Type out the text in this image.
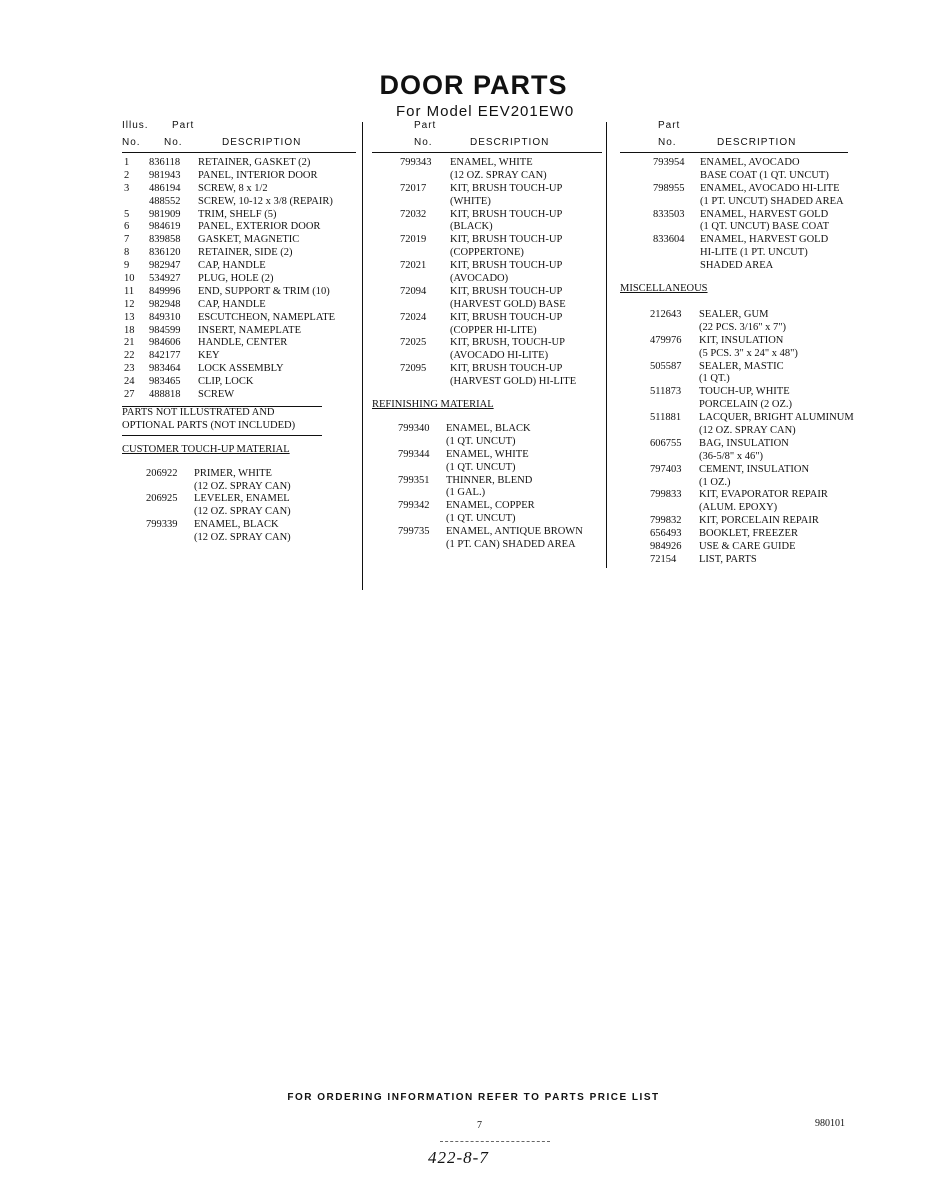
DOOR PARTS
For Model EEV201EW0
Illus. Part
No. No.	DESCRIPTION
1 836118 RETAINER, GASKET (2)
2 981943 PANEL, INTERIOR DOOR
3 486194 SCREW, 8 x 1/2
488552 SCREW, 10-12 x 3/8 (REPAIR)
5 981909 TRIM, SHELF (5)
6 984619 PANEL, EXTERIOR DOOR
7 839858 GASKET, MAGNETIC
8 836120 RETAINER, SIDE (2)
9 982947 CAP, HANDLE
10 534927 PLUG, HOLE (2)
11 849996 END, SUPPORT & TRIM (10)
12 982948 CAP, HANDLE
13 849310 ESCUTCHEON, NAMEPLATE
18 984599 INSERT, NAMEPLATE
21 984606 HANDLE, CENTER
22 842177 KEY
23 983464 LOCK ASSEMBLY
24 983465 CLIP, LOCK
27 488818 SCREW
PARTS NOT ILLUSTRATED AND
OPTIONAL PARTS (NOT INCLUDED)
CUSTOMER TOUCH-UP MATERIAL
206922 PRIMER, WHITE
(12 OZ. SPRAY CAN)
206925 LEVELER, ENAMEL
(12 OZ. SPRAY CAN)
799339 ENAMEL, BLACK
(12 OZ. SPRAY CAN)
Part
No.	DESCRIPTION
799343 ENAMEL, WHITE
(12 OZ. SPRAY CAN)
72017 KIT, BRUSH TOUCH-UP
(WHITE)
72032 KIT, BRUSH TOUCH-UP
(BLACK)
72019 KIT, BRUSH TOUCH-UP
(COPPERTONE)
72021 KIT, BRUSH TOUCH-UP
(AVOCADO)
72094 KIT, BRUSH TOUCH-UP
(HARVEST GOLD) BASE
72024 KIT, BRUSH TOUCH-UP
(COPPER HI-LITE)
72025 KIT, BRUSH, TOUCH-UP
(AVOCADO HI-LITE)
72095 KIT, BRUSH TOUCH-UP
(HARVEST GOLD) HI-LITE
REFINISHING MATERIAL
799340 ENAMEL, BLACK
(1 QT. UNCUT)
799344 ENAMEL, WHITE
(1 QT. UNCUT)
799351 THINNER, BLEND
(1 GAL.)
799342 ENAMEL, COPPER
(1 QT. UNCUT)
799735 ENAMEL, ANTIQUE BROWN
(1 PT. CAN) SHADED AREA
Part
No.	DESCRIPTION
793954 ENAMEL, AVOCADO
BASE COAT (1 QT. UNCUT)
798955 ENAMEL, AVOCADO HI-LITE
(1 PT. UNCUT) SHADED AREA
833503 ENAMEL, HARVEST GOLD
(1 QT. UNCUT) BASE COAT
833604 ENAMEL, HARVEST GOLD
HI-LITE (1 PT. UNCUT)
SHADED AREA
MISCELLANEOUS
212643 SEALER, GUM
(22 PCS. 3/16" x 7")
479976 KIT, INSULATION
(5 PCS. 3" x 24" x 48")
505587 SEALER, MASTIC
(1 QT.)
511873 TOUCH-UP, WHITE
PORCELAIN (2 OZ.)
511881 LACQUER, BRIGHT ALUMINUM
(12 OZ. SPRAY CAN)
606755 BAG, INSULATION
(36-5/8" x 46")
797403 CEMENT, INSULATION
(1 OZ.)
799833 KIT, EVAPORATOR REPAIR
(ALUM. EPOXY)
799832 KIT, PORCELAIN REPAIR
656493 BOOKLET, FREEZER
984926 USE & CARE GUIDE
72154 LIST, PARTS
FOR ORDERING INFORMATION REFER TO PARTS PRICE LIST
7	980101
422-8-7
